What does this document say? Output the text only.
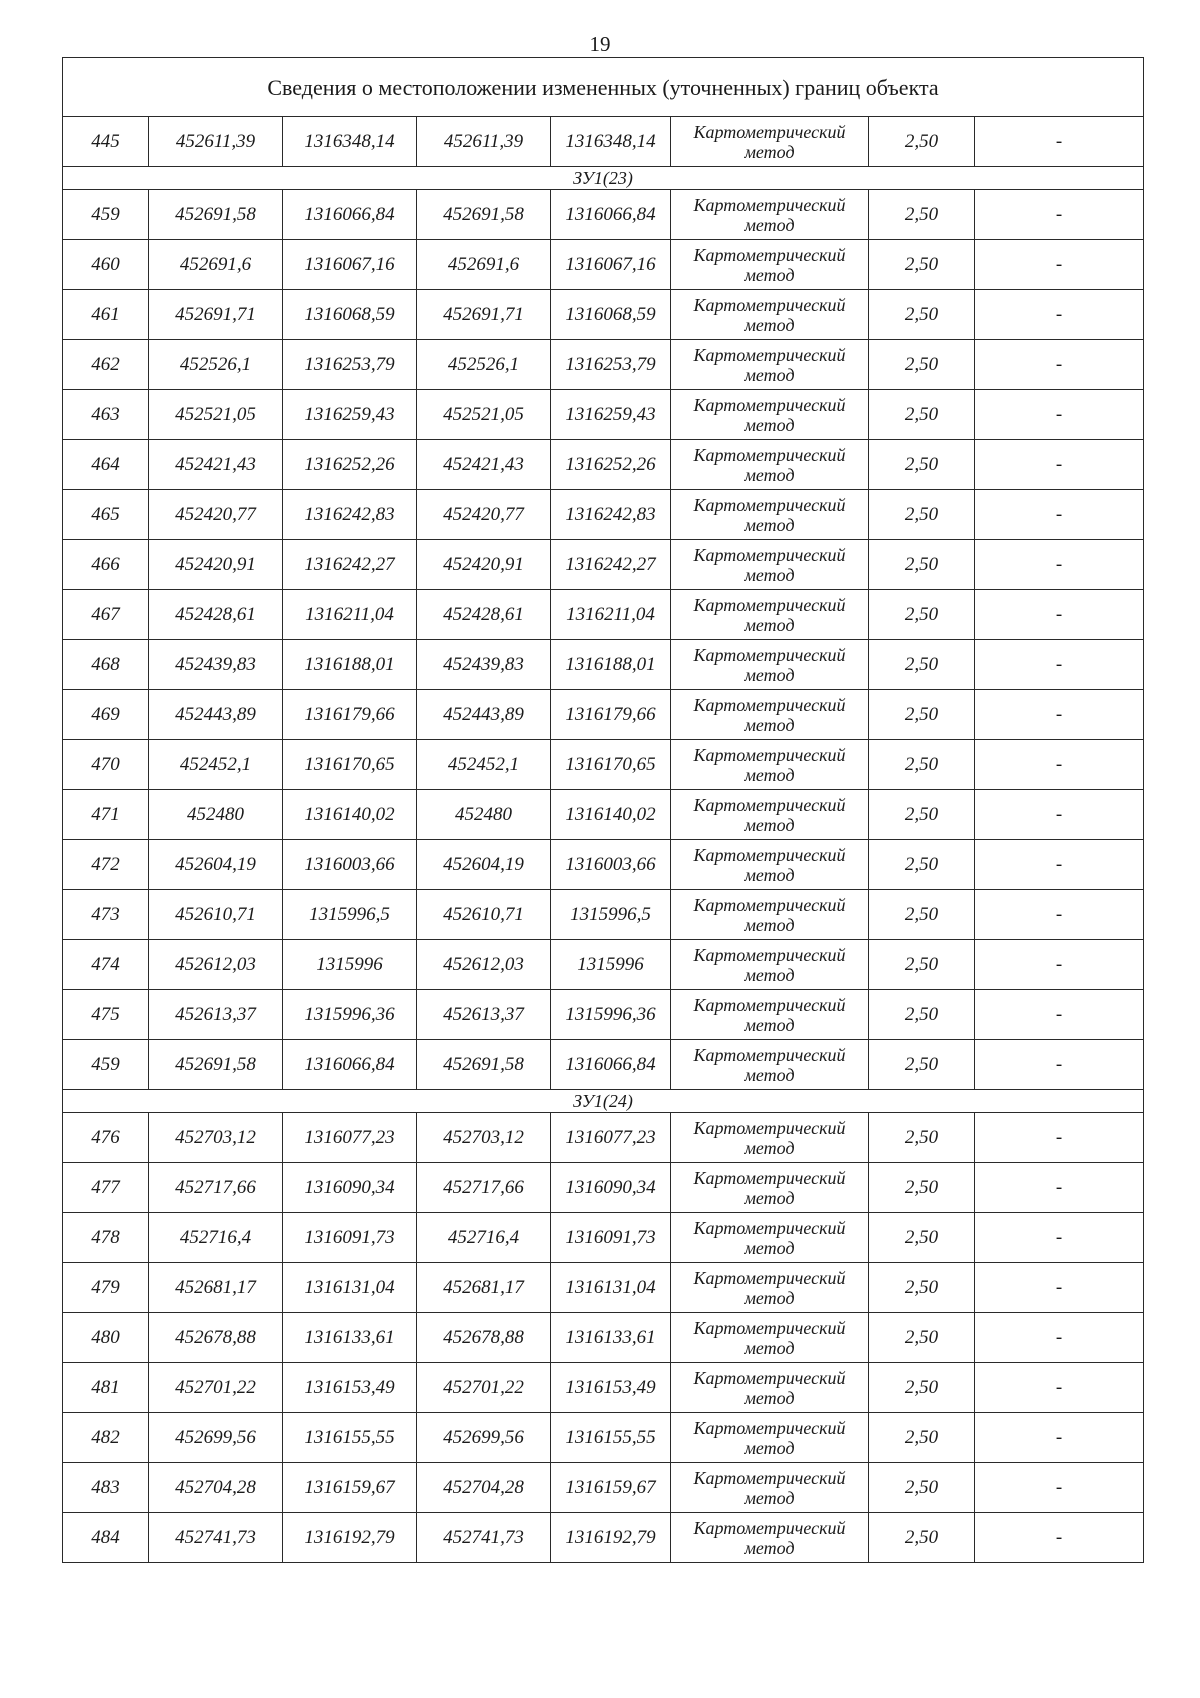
19
Сведения о местоположении измененных (уточненных) границ объекта							
445	452611,39	1316348,14	452611,39	1316348,14	Картометрический метод	2,50	-
ЗУ1(23)							
459	452691,58	1316066,84	452691,58	1316066,84	Картометрический метод	2,50	-
460	452691,6	1316067,16	452691,6	1316067,16	Картометрический метод	2,50	-
461	452691,71	1316068,59	452691,71	1316068,59	Картометрический метод	2,50	-
462	452526,1	1316253,79	452526,1	1316253,79	Картометрический метод	2,50	-
463	452521,05	1316259,43	452521,05	1316259,43	Картометрический метод	2,50	-
464	452421,43	1316252,26	452421,43	1316252,26	Картометрический метод	2,50	-
465	452420,77	1316242,83	452420,77	1316242,83	Картометрический метод	2,50	-
466	452420,91	1316242,27	452420,91	1316242,27	Картометрический метод	2,50	-
467	452428,61	1316211,04	452428,61	1316211,04	Картометрический метод	2,50	-
468	452439,83	1316188,01	452439,83	1316188,01	Картометрический метод	2,50	-
469	452443,89	1316179,66	452443,89	1316179,66	Картометрический метод	2,50	-
470	452452,1	1316170,65	452452,1	1316170,65	Картометрический метод	2,50	-
471	452480	1316140,02	452480	1316140,02	Картометрический метод	2,50	-
472	452604,19	1316003,66	452604,19	1316003,66	Картометрический метод	2,50	-
473	452610,71	1315996,5	452610,71	1315996,5	Картометрический метод	2,50	-
474	452612,03	1315996	452612,03	1315996	Картометрический метод	2,50	-
475	452613,37	1315996,36	452613,37	1315996,36	Картометрический метод	2,50	-
459	452691,58	1316066,84	452691,58	1316066,84	Картометрический метод	2,50	-
ЗУ1(24)							
476	452703,12	1316077,23	452703,12	1316077,23	Картометрический метод	2,50	-
477	452717,66	1316090,34	452717,66	1316090,34	Картометрический метод	2,50	-
478	452716,4	1316091,73	452716,4	1316091,73	Картометрический метод	2,50	-
479	452681,17	1316131,04	452681,17	1316131,04	Картометрический метод	2,50	-
480	452678,88	1316133,61	452678,88	1316133,61	Картометрический метод	2,50	-
481	452701,22	1316153,49	452701,22	1316153,49	Картометрический метод	2,50	-
482	452699,56	1316155,55	452699,56	1316155,55	Картометрический метод	2,50	-
483	452704,28	1316159,67	452704,28	1316159,67	Картометрический метод	2,50	-
484	452741,73	1316192,79	452741,73	1316192,79	Картометрический метод	2,50	-
